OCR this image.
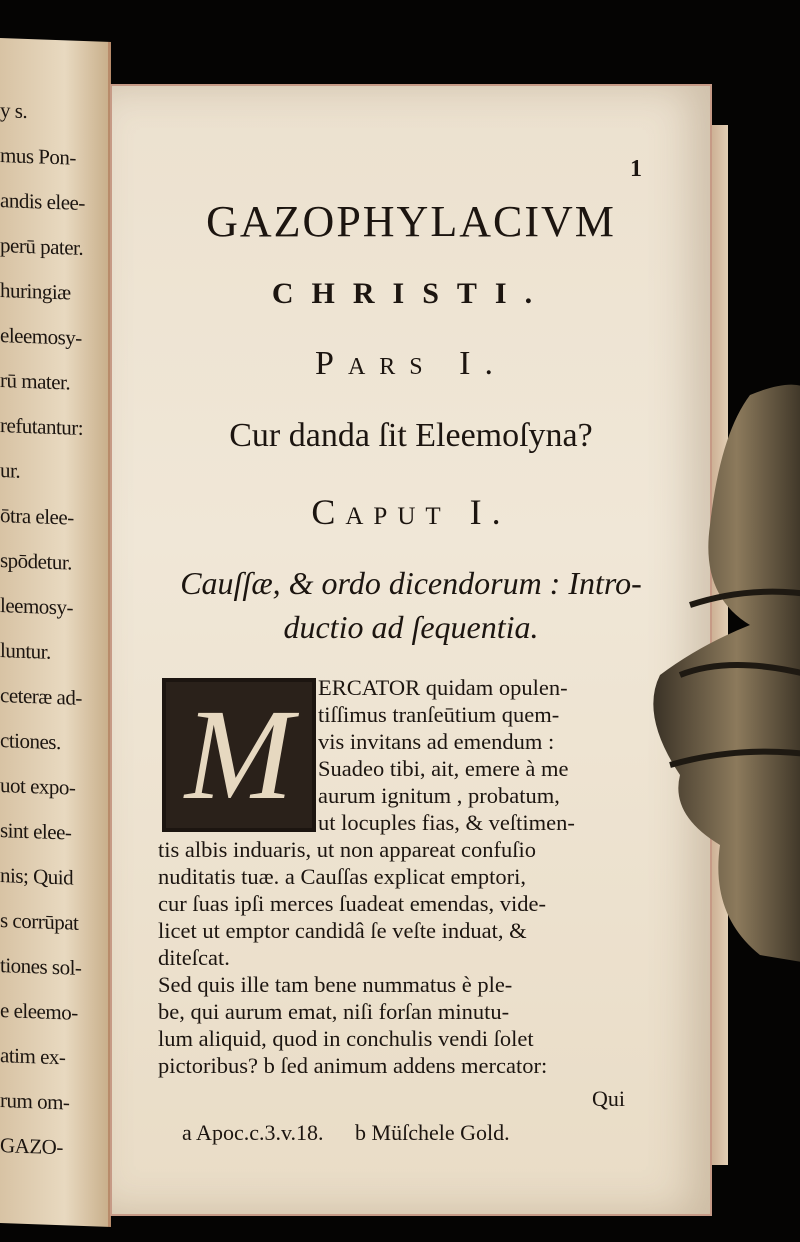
y s.
mus Pon-
andis elee-
perū pater.
huringiæ
eleemosy-
rū mater.
refutantur:
ur.
ōtra elee-
spōdetur.
leemosy-
luntur.
ceteræ ad-
ctiones.
uot expo-
sint elee-
nis; Quid
s corrūpat
tiones sol-
e eleemo-
atim ex-
rum om-
GAZO-
1
GAZOPHYLACIVM
CHRISTI.
Pars I.
Cur danda ſit Eleemoſyna?
Caput I.
Cauſſæ, & ordo dicendorum : Intro-
ductio ad ſequentia.
M	ERCATOR quidam opulen-

tiſſimus tranſeūtium quem-

vis invitans ad emendum :

Suadeo tibi, ait, emere à me

aurum ignitum , probatum,

ut locuples fias, & veſtimen-

tis albis induaris, ut non appareat confuſio

nuditatis tuæ. a Cauſſas explicat emptori,

cur ſuas ipſi merces ſuadeat emendas, vide-

licet ut emptor candidâ ſe veſte induat, &

diteſcat.

Sed quis ille tam bene nummatus è ple-

be, qui aurum emat, niſi forſan minutu-

lum aliquid, quod in conchulis vendi ſolet

pictoribus? b ſed animum addens mercator:

Qui
a Apoc.c.3.v.18. b Müſchele Gold.
